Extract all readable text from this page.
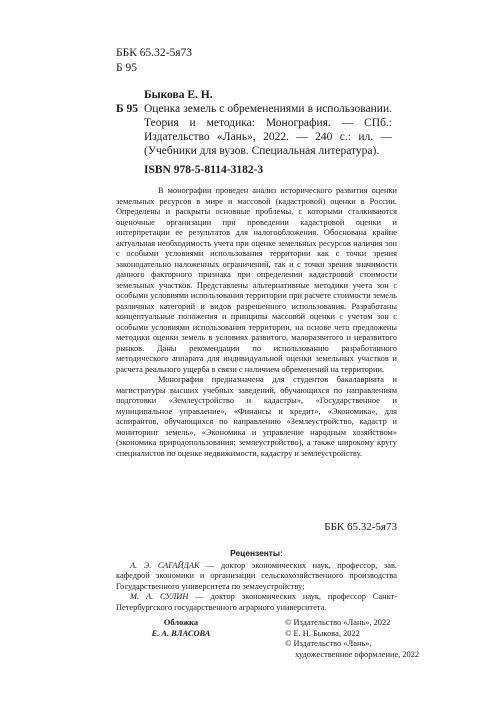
ББК 65.32-5я73
Б 95
Быкова Е. Н.
Б 95 Оценка земель с обременениями в использовании. Теория и методика: Монография. — СПб.: Издательство «Лань», 2022. — 240 с.: ил. — (Учебники для вузов. Специальная литература).
ISBN 978-5-8114-3182-3

В монографии проведен анализ исторического развития оценки земельных ресурсов в мире и массовой (кадастровой) оценки в России. Определены и раскрыты основные проблемы, с которыми сталкиваются оценочные организации при проведении кадастровой оценки и интерпретации ее результатов для налогообложения. Обоснована крайне актуальная необходимость учета при оценке земельных ресурсов наличия зон с особыми условиями использования территории как с точки зрения законодательно наложенных ограничений, так и с точки зрения значимости данного факторного признака при определении кадастровой стоимости земельных участков. Представлены альтернативные методики учета зон с особыми условиями использования территории при расчете стоимости земель различных категорий и видов разрешенного использования. Разработаны концептуальные положения и принципы массовой оценки с учетом зон с особыми условиями использования территории, на основе чего предложены методики оценки земель в условиях развитого, малоразвитого и неразвитого рынков. Даны рекомендации по использованию разработанного методического аппарата для индивидуальной оценки земельных участков и расчета реального ущерба в связи с наличием обременений на территории.

Монография предназначена для студентов бакалавриата и магистратуры высших учебных заведений, обучающихся по направлениям подготовки «Землеустройство и кадастры», «Государственное и муниципальное управление», «Финансы и кредит», «Экономика», для аспирантов, обучающихся по направлению «Землеустройство, кадастр и мониторинг земель», «Экономика и управление народным хозяйством» (экономика природопользования; землеустройство), а также широкому кругу специалистов по оценке недвижимости, кадастру и землеустройству.

ББК 65.32-5я73
Рецензенты:

А. Э. САГАЙДАК — доктор экономических наук, профессор, зав. кафедрой экономики и организации сельскохозяйственного производства Государственного университета по землеустройству;

М. А. СУЛИН — доктор экономических наук, профессор Санкт-Петербургского государственного аграрного университета.

Обложка
Е. А. ВЛАСОВА
© Издательство «Лань», 2022
© Е. Н. Быкова, 2022
© Издательство «Лань»,
художественное оформление, 2022
